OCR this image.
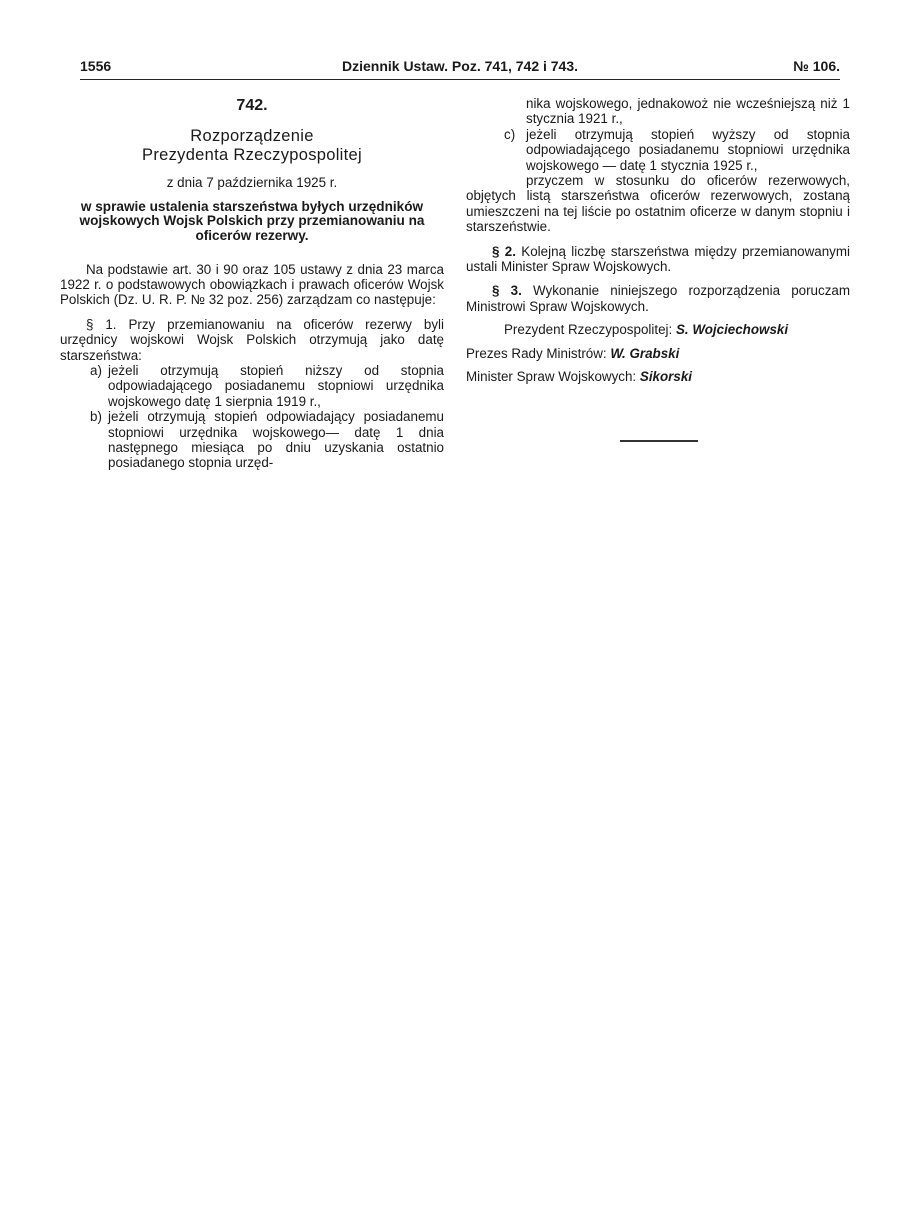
1556	Dziennik Ustaw. Poz. 741, 742 i 743.	№ 106.
742.
Rozporządzenie
Prezydenta Rzeczypospolitej
z dnia 7 października 1925 r.
w sprawie ustalenia starszeństwa byłych urzędników wojskowych Wojsk Polskich przy przemianowaniu na oficerów rezerwy.

Na podstawie art. 30 i 90 oraz 105 ustawy z dnia 23 marca 1922 r. o podstawowych obowiązkach i prawach oficerów Wojsk Polskich (Dz. U. R. P. № 32 poz. 256) zarządzam co następuje:

§ 1. Przy przemianowaniu na oficerów rezerwy byli urzędnicy wojskowi Wojsk Polskich otrzymują jako datę starszeństwa:

a) jeżeli otrzymują stopień niższy od stopnia odpowiadającego posiadanemu stopniowi urzędnika wojskowego datę 1 sierpnia 1919 r.,
b) jeżeli otrzymują stopień odpowiadający posiadanemu stopniowi urzędnika wojskowego— datę 1 dnia następnego miesiąca po dniu uzyskania ostatnio posiadanego stopnia urzęd-

nika wojskowego, jednakowoż nie wcześniejszą niż 1 stycznia 1921 r.,

c) jeżeli otrzymują stopień wyższy od stopnia odpowiadającego posiadanemu stopniowi urzędnika wojskowego — datę 1 stycznia 1925 r.,

przyczem w stosunku do oficerów rezerwowych, objętych listą starszeństwa oficerów rezerwowych, zostaną umieszczeni na tej liście po ostatnim oficerze w danym stopniu i starszeństwie.

§ 2. Kolejną liczbę starszeństwa między przemianowanymi ustali Minister Spraw Wojskowych.

§ 3. Wykonanie niniejszego rozporządzenia poruczam Ministrowi Spraw Wojskowych.

Prezydent Rzeczypospolitej: S. Wojciechowski
Prezes Rady Ministrów: W. Grabski
Minister Spraw Wojskowych: Sikorski
